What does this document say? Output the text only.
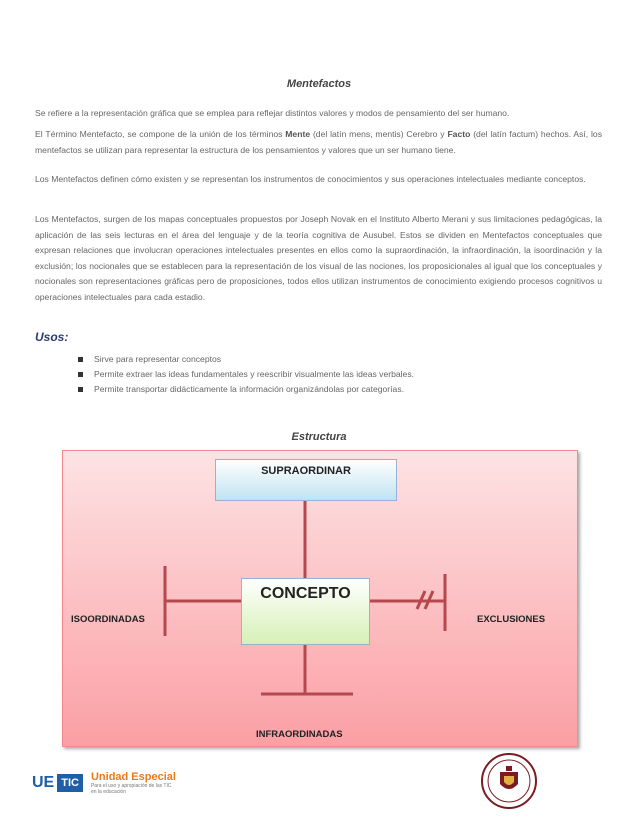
Mentefactos

Se refiere a la representación gráfica que se emplea para reflejar distintos valores y modos de pensamiento del ser humano.

El Término Mentefacto, se compone de la unión de los términos Mente (del latín mens, mentis) Cerebro y Facto (del latín factum) hechos. Así, los mentefactos se utilizan para representar la estructura de los pensamientos y valores que un ser humano tiene.

Los Mentefactos definen cómo existen y se representan los instrumentos de conocimientos y sus operaciones intelectuales mediante conceptos.

Los Mentefactos, surgen de los mapas conceptuales propuestos por Joseph Novak en el Instituto Alberto Merani y sus limitaciones pedagógicas, la aplicación de las seis lecturas en el área del lenguaje y de la teoría cognitiva de Ausubel. Estos se dividen en Mentefactos conceptuales que expresan relaciones que involucran operaciones intelectuales presentes en ellos como la supraordinación, la infraordinación, la isoordinación y la exclusión; los nocionales que se establecen para la representación de los visual de las nociones, los proposicionales al igual que los conceptuales y nocionales son representaciones gráficas pero de proposiciones, todos ellos utilizan instrumentos de conocimiento exigiendo procesos cognitivos u operaciones intelectuales para cada estadio.

Usos:
Sirve para representar conceptos
Permite extraer las ideas fundamentales y reescribir visualmente las ideas verbales.
Permite transportar didácticamente la información organizándolas por categorías.
Estructura
SUPRAORDINAR
CONCEPTO
ISOORDINADAS	EXCLUSIONES
INFRAORDINADAS
UE TIC	Unidad Especial
Para el uso y apropiación de las TIC
en la educación
